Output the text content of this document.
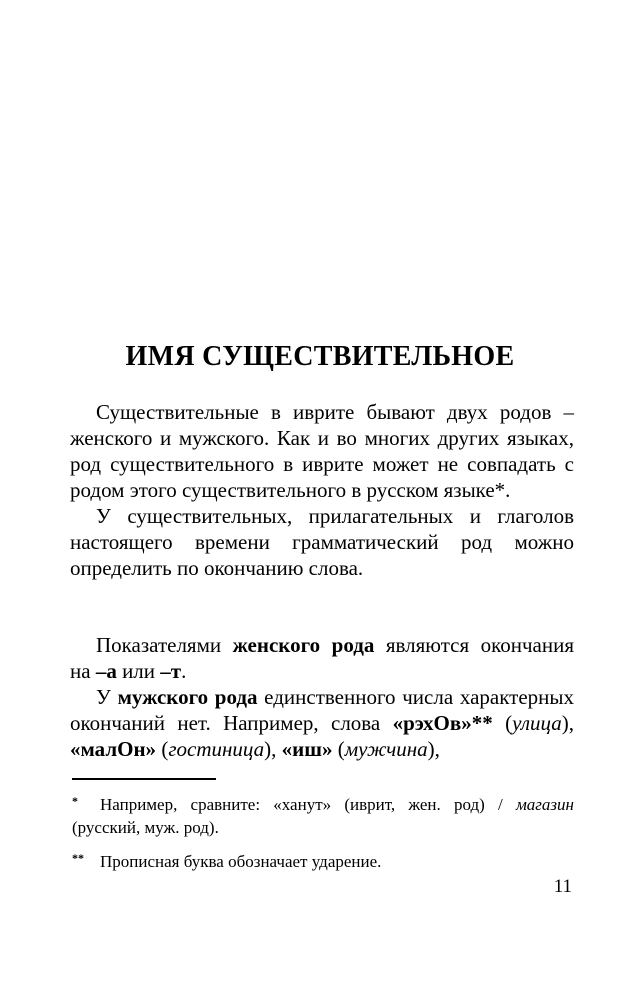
ИМЯ СУЩЕСТВИТЕЛЬНОЕ

Существительные в иврите бывают двух родов – женского и мужского. Как и во многих других языках, род существительного в иврите может не совпадать с родом этого существительного в русском языке*.

У существительных, прилагательных и глаголов настоящего времени грамматический род можно определить по окончанию слова.

Показателями женского рода являются окончания на –а или –т.

У мужского рода единственного числа характерных окончаний нет. Например, слова «рэхОв»** (улица), «малОн» (гостиница), «иш» (мужчина),

* Например, сравните: «ханут» (иврит, жен. род) / магазин (русский, муж. род).

** Прописная буква обозначает ударение.

11
